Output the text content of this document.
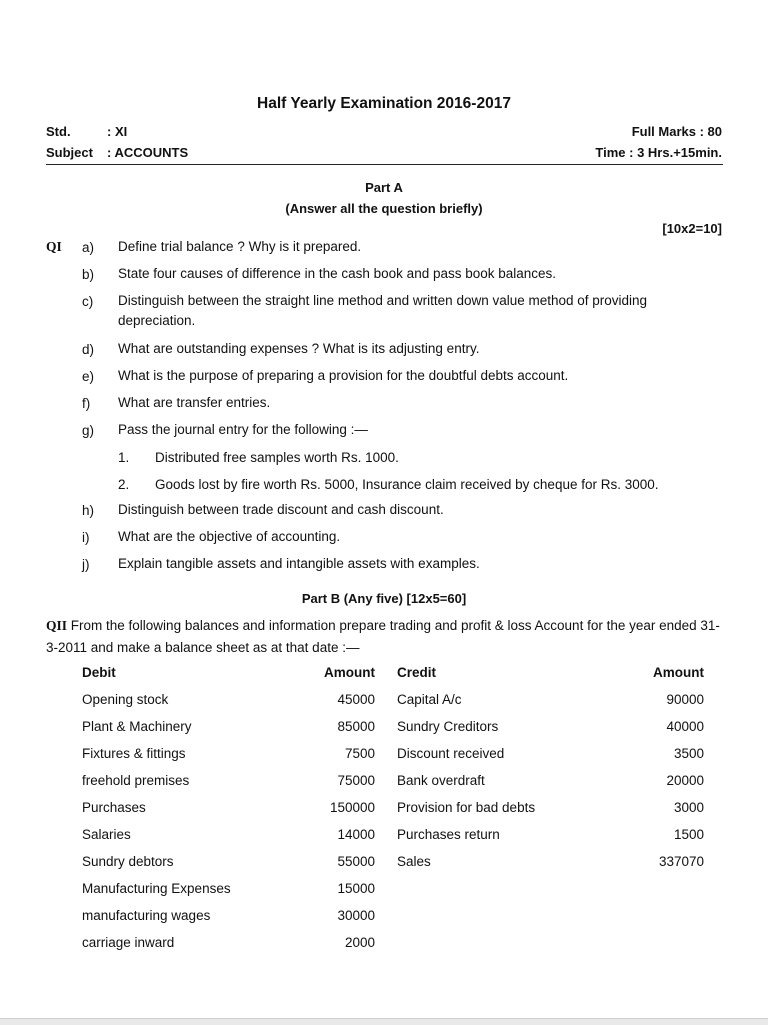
Half Yearly Examination 2016-2017
Std.	: XI
Subject : ACCOUNTS
Full Marks : 80
Time : 3 Hrs.+15min.
Part A
(Answer all the question briefly)
[10x2=10]
QI a) Define trial balance ? Why is it prepared.
b) State four causes of difference in the cash book and pass book balances.
c) Distinguish between the straight line method and written down value method of providing depreciation.
d) What are outstanding expenses ? What is its adjusting entry.
e) What is the purpose of preparing a provision for the doubtful debts account.
f) What are transfer entries.
g) Pass the journal entry for the following :—
1. Distributed free samples worth Rs. 1000.
2. Goods lost by fire worth Rs. 5000, Insurance claim received by cheque for Rs. 3000.
h) Distinguish between trade discount and cash discount.
i) What are the objective of accounting.
j) Explain tangible assets and intangible assets with examples.
Part B (Any five) [12x5=60]
QII From the following balances and information prepare trading and profit & loss Account for the year ended 31-3-2011 and make a balance sheet as at that date :—
Debit	Amount Credit	Amount
Opening stock	45000 Capital A/c	90000
Plant & Machinery	85000 Sundry Creditors	40000
Fixtures & fittings	7500 Discount received	3500
freehold premises	75000 Bank overdraft	20000
Purchases	150000 Provision for bad debts	3000
Salaries	14000 Purchases return	1500
Sundry debtors	55000 Sales	337070
Manufacturing Expenses	15000
manufacturing wages	30000
carriage inward	2000
